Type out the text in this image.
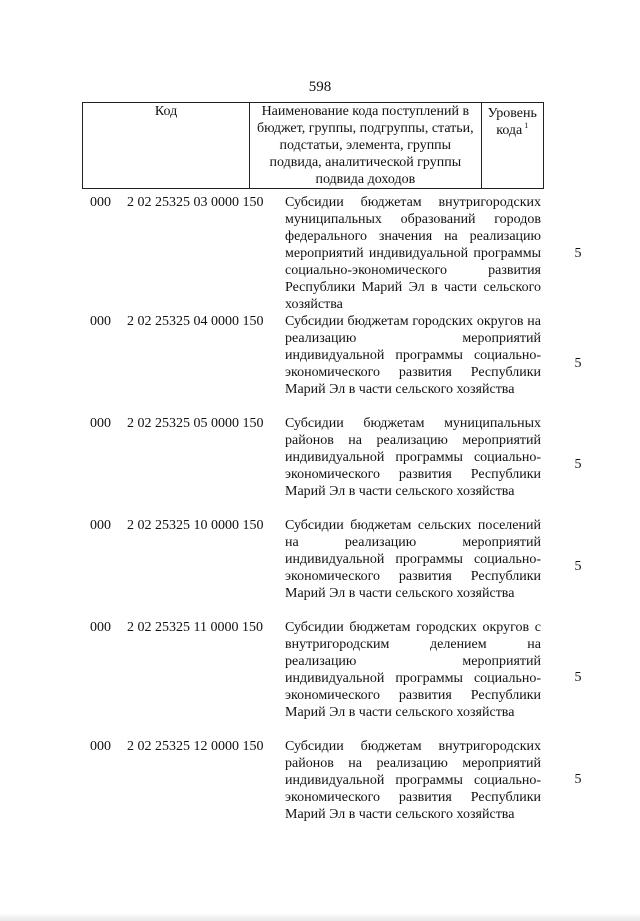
598
Код	Наименование кода поступлений в бюджет, группы, подгруппы, статьи, подстатьи, элемента, группы подвида, аналитической группы подвида доходов

Уровень кода $^1$
000 2 02 25325 03 0000 150 Субсидии бюджетам внутригородских муниципальных образований городов федерального значения на реализацию мероприятий индивидуальной программы социально-экономического развития Республики Марий Эл в части сельского хозяйства
5
000 2 02 25325 04 0000 150 Субсидии бюджетам городских округов на реализацию мероприятий индивидуальной программы социально-экономического развития Республики Марий Эл в части сельского хозяйства
5
000 2 02 25325 05 0000 150 Субсидии бюджетам муниципальных районов на реализацию мероприятий индивидуальной программы социально-экономического развития Республики Марий Эл в части сельского хозяйства
5
000 2 02 25325 10 0000 150 Субсидии бюджетам сельских поселений на реализацию мероприятий индивидуальной программы социально-экономического развития Республики Марий Эл в части сельского хозяйства
5
000 2 02 25325 11 0000 150 Субсидии бюджетам городских округов с внутригородским делением на реализацию мероприятий индивидуальной программы социально-экономического развития Республики Марий Эл в части сельского хозяйства
5
000 2 02 25325 12 0000 150 Субсидии бюджетам внутригородских районов на реализацию мероприятий индивидуальной программы социально-экономического развития Республики Марий Эл в части сельского хозяйства
5
